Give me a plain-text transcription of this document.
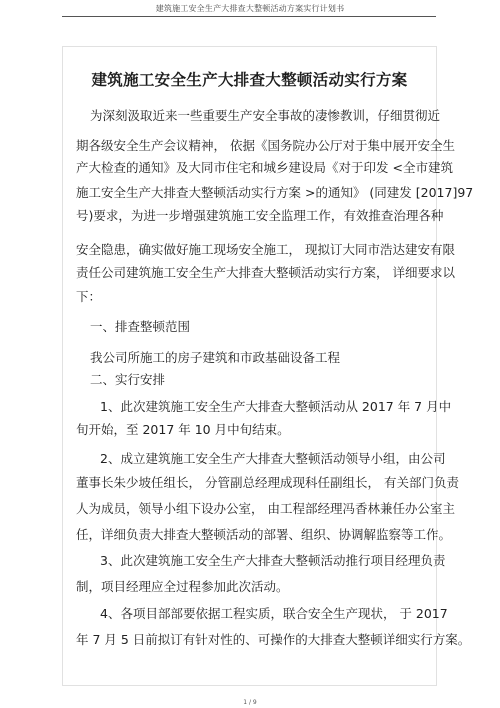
建筑施工安全生产大排查大整顿活动方案实行计划书
建筑施工安全生产大排查大整顿活动实行方案
为深刻汲取近来一些重要生产安全事故的凄惨教训，仔细贯彻近
期各级安全生产会议精神， 依据《国务院办公厅对于集中展开安全生
产大检查的通知》及大同市住宅和城乡建设局《对于印发 <全市建筑
施工安全生产大排查大整顿活动实行方案 >的通知》 (同建发 [2017]97
号)要求，为进一步增强建筑施工安全监理工作，有效推查治理各种
安全隐患，确实做好施工现场安全施工， 现拟订大同市浩达建安有限
责任公司建筑施工安全生产大排查大整顿活动实行方案， 详细要求以
下：
一、排查整顿范围
我公司所施工的房子建筑和市政基础设备工程
二、实行安排
1、此次建筑施工安全生产大排查大整顿活动从 2017 年 7 月中
旬开始，至 2017 年 10 月中旬结束。
2、成立建筑施工安全生产大排查大整顿活动领导小组，由公司
董事长朱少坡任组长， 分管副总经理成现科任副组长， 有关部门负责
人为成员，领导小组下设办公室， 由工程部经理冯香林兼任办公室主
任，详细负责大排查大整顿活动的部署、组织、协调解监察等工作。
3、此次建筑施工安全生产大排查大整顿活动推行项目经理负责
制，项目经理应全过程参加此次活动。
4、各项目部部要依据工程实质，联合安全生产现状， 于 2017
年 7 月 5 日前拟订有针对性的、可操作的大排查大整顿详细实行方案。
1 / 9
